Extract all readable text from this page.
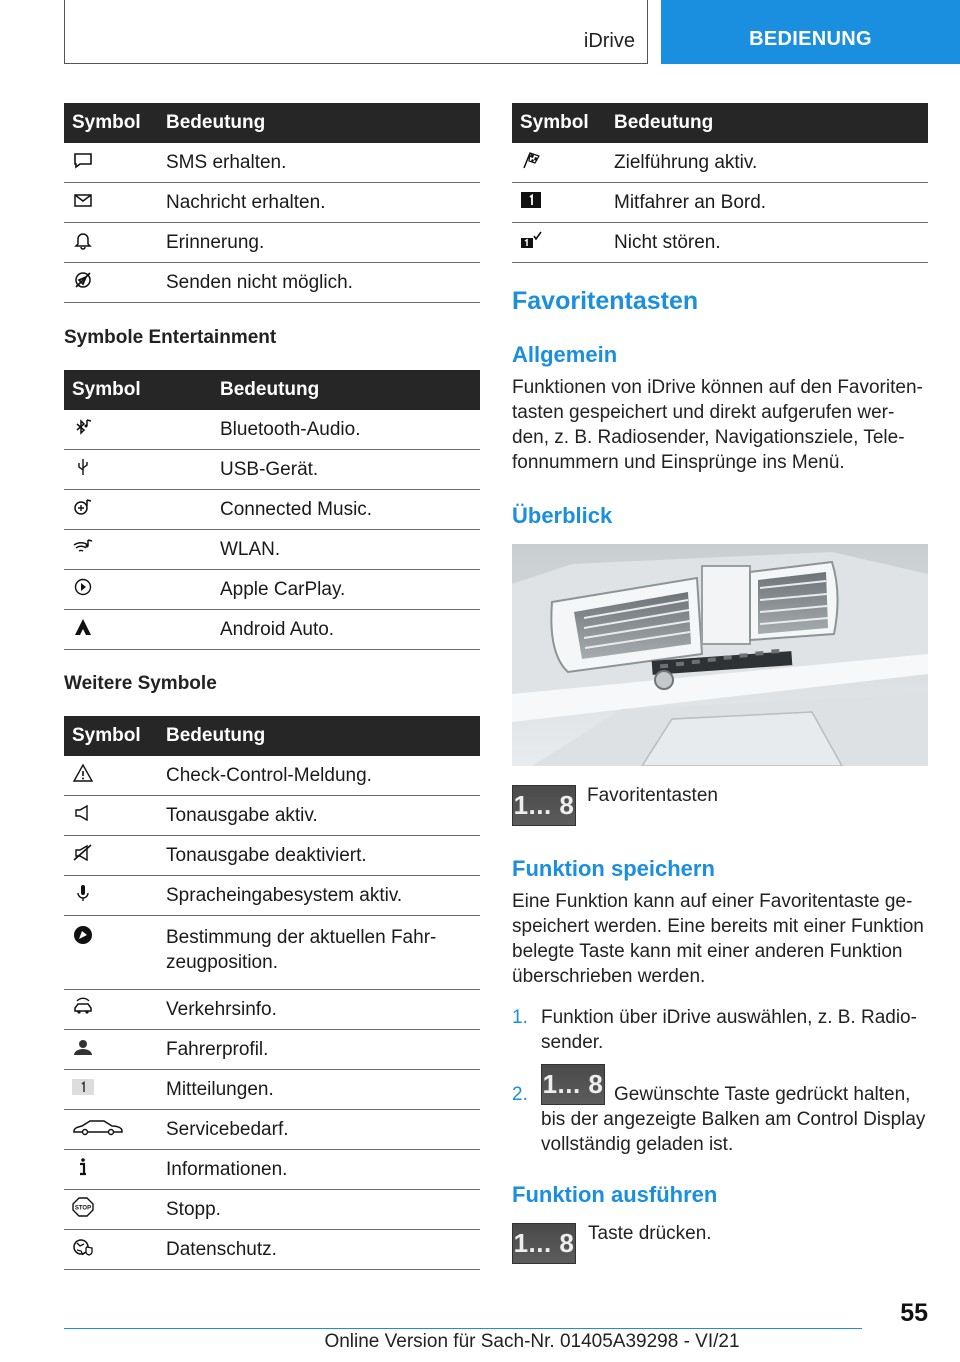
iDrive	BEDIENUNG
Symbol	Bedeutung

	SMS erhalten.

	Nachricht erhalten.

	Erinnerung.

	Senden nicht möglich.
Symbole Entertainment
Symbol	Bedeutung

	Bluetooth-Audio.

	USB-Gerät.

	Connected Music.

	WLAN.

	Apple CarPlay.

	Android Auto.
Weitere Symbole
Symbol	Bedeutung

	Check-Control-Meldung.

	Tonausgabe aktiv.

	Tonausgabe deaktiviert.

	Spracheingabesystem aktiv.

	Bestimmung der aktuellen Fahr-
zeugposition.

	Verkehrsinfo.

	Fahrerprofil.

	Mitteilungen.

	Servicebedarf.

	Informationen.

STOP	Stopp.

	Datenschutz.
Symbol	Bedeutung

	Zielführung aktiv.

	Mitfahrer an Bord.

	Nicht stören.
Favoritentasten
Allgemein
Funktionen von iDrive können auf den Favoriten-
tasten gespeichert und direkt aufgerufen wer-
den, z. B. Radiosender, Navigationsziele, Tele-
fonnummern und Einsprünge ins Menü.
Überblick
1... 8 Favoritentasten
Funktion speichern
Eine Funktion kann auf einer Favoritentaste ge-
speichert werden. Eine bereits mit einer Funktion
belegte Taste kann mit einer anderen Funktion
überschrieben werden.
1. Funktion über iDrive auswählen, z. B. Radio-
sender.
2. 1... 8 Gewünschte Taste gedrückt halten,
bis der angezeigte Balken am Control Display
vollständig geladen ist.
Funktion ausführen
1... 8 Taste drücken.
55
Online Version für Sach-Nr. 01405A39298 - VI/21
